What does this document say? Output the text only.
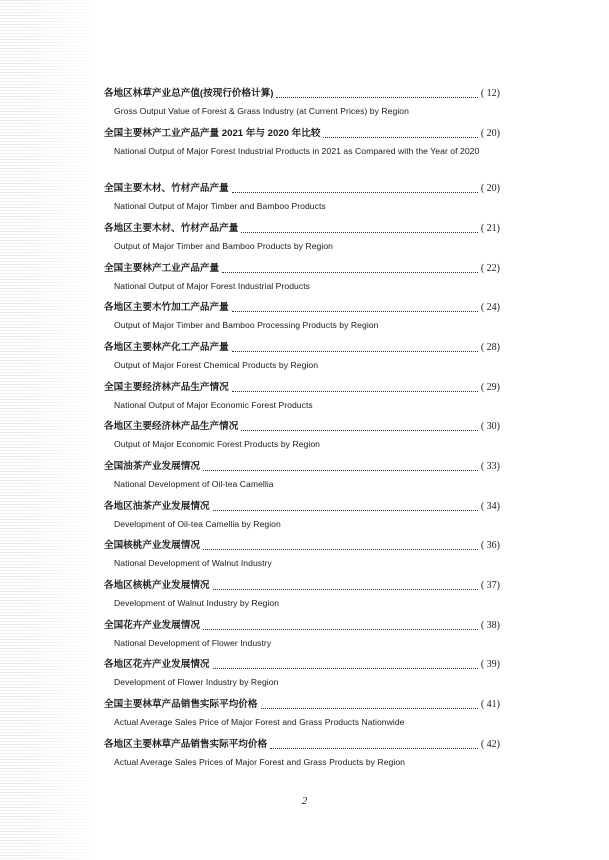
各地区林草产业总产值(按现行价格计算)	( 12)
Gross Output Value of Forest & Grass Industry (at Current Prices) by Region
全国主要林产工业产品产量 2021 年与 2020 年比较	( 20)
National Output of Major Forest Industrial Products in 2021 as Compared with the Year of 2020
全国主要木材、竹材产品产量	( 20)
National Output of Major Timber and Bamboo Products
各地区主要木材、竹材产品产量	( 21)
Output of Major Timber and Bamboo Products by Region
全国主要林产工业产品产量	( 22)
National Output of Major Forest Industrial Products
各地区主要木竹加工产品产量	( 24)
Output of Major Timber and Bamboo Processing Products by Region
各地区主要林产化工产品产量	( 28)
Output of Major Forest Chemical Products by Region
全国主要经济林产品生产情况	( 29)
National Output of Major Economic Forest Products
各地区主要经济林产品生产情况	( 30)
Output of Major Economic Forest Products by Region
全国油茶产业发展情况	( 33)
National Development of Oil-tea Camellia
各地区油茶产业发展情况	( 34)
Development of Oil-tea Camellia by Region
全国核桃产业发展情况	( 36)
National Development of Walnut Industry
各地区核桃产业发展情况	( 37)
Development of Walnut Industry by Region
全国花卉产业发展情况	( 38)
National Development of Flower Industry
各地区花卉产业发展情况	( 39)
Development of Flower Industry by Region
全国主要林草产品销售实际平均价格	( 41)
Actual Average Sales Price of Major Forest and Grass Products Nationwide
各地区主要林草产品销售实际平均价格	( 42)
Actual Average Sales Prices of Major Forest and Grass Products by Region
2
